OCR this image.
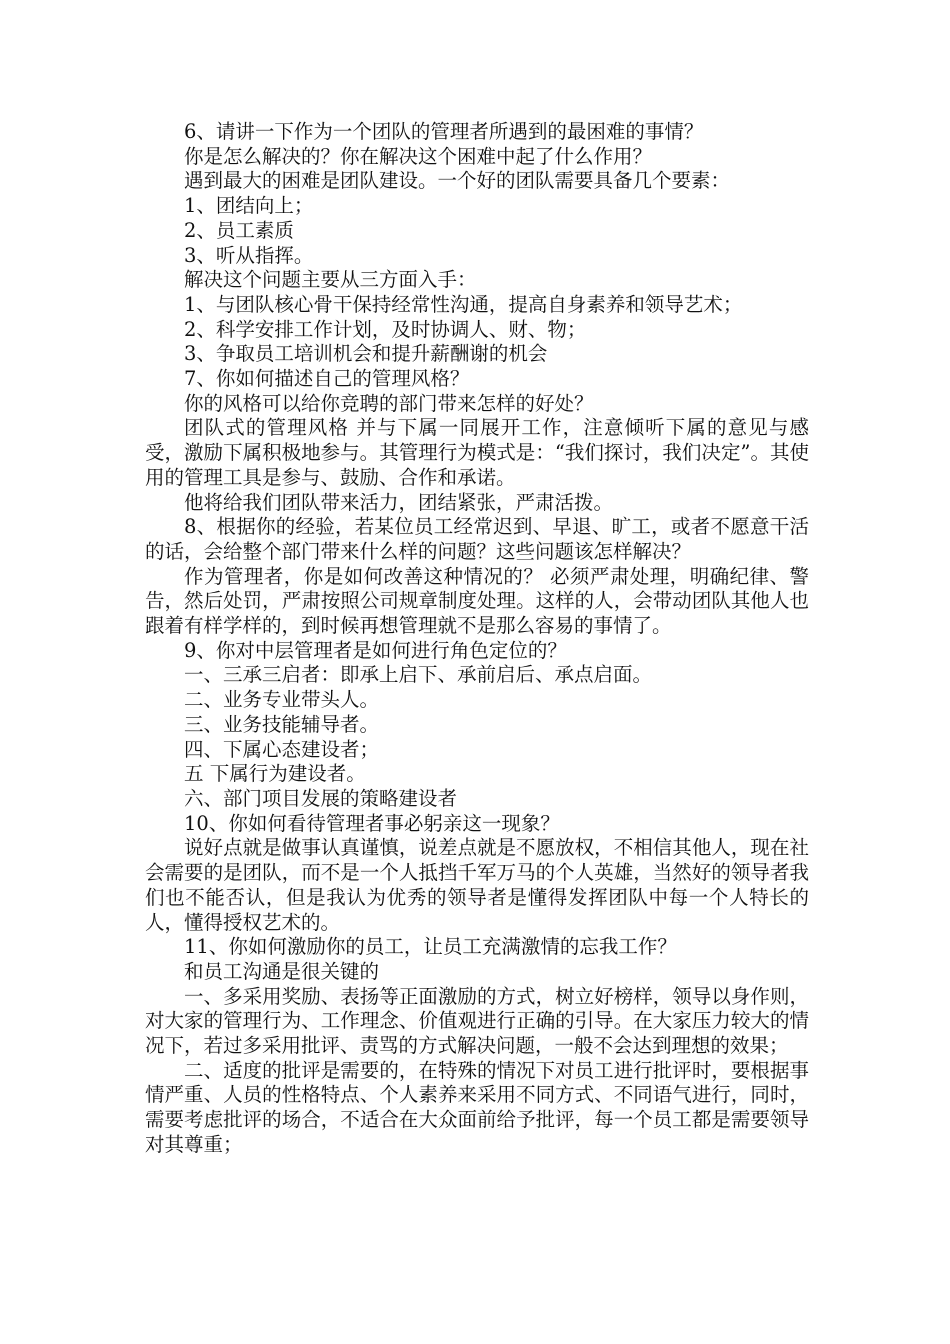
6、请讲一下作为一个团队的管理者所遇到的最困难的事情？

你是怎么解决的？你在解决这个困难中起了什么作用？

遇到最大的困难是团队建设。一个好的团队需要具备几个要素：

1、团结向上；

2、员工素质

3、听从指挥。

解决这个问题主要从三方面入手：

1、与团队核心骨干保持经常性沟通，提高自身素养和领导艺术；

2、科学安排工作计划，及时协调人、财、物；

3、争取员工培训机会和提升薪酬谢的机会

7、你如何描述自己的管理风格？

你的风格可以给你竞聘的部门带来怎样的好处？

团队式的管理风格 并与下属一同展开工作，注意倾听下属的意见与感受，激励下属积极地参与。其管理行为模式是：“我们探讨，我们决定”。其使用的管理工具是参与、鼓励、合作和承诺。

他将给我们团队带来活力，团结紧张，严肃活拨。

8、根据你的经验，若某位员工经常迟到、早退、旷工，或者不愿意干活的话，会给整个部门带来什么样的问题？这些问题该怎样解决？

作为管理者，你是如何改善这种情况的？ 必须严肃处理，明确纪律、警告，然后处罚，严肃按照公司规章制度处理。这样的人，会带动团队其他人也跟着有样学样的，到时候再想管理就不是那么容易的事情了。

9、你对中层管理者是如何进行角色定位的？

一、三承三启者：即承上启下、承前启后、承点启面。

二、业务专业带头人。

三、业务技能辅导者。

四、下属心态建设者；

五 下属行为建设者。

六、部门项目发展的策略建设者

10、你如何看待管理者事必躬亲这一现象？

说好点就是做事认真谨慎，说差点就是不愿放权，不相信其他人，现在社会需要的是团队，而不是一个人抵挡千军万马的个人英雄，当然好的领导者我们也不能否认，但是我认为优秀的领导者是懂得发挥团队中每一个人特长的人，懂得授权艺术的。

11、你如何激励你的员工，让员工充满激情的忘我工作？

和员工沟通是很关键的

一、多采用奖励、表扬等正面激励的方式，树立好榜样，领导以身作则，对大家的管理行为、工作理念、价值观进行正确的引导。在大家压力较大的情况下，若过多采用批评、责骂的方式解决问题，一般不会达到理想的效果；

二、适度的批评是需要的，在特殊的情况下对员工进行批评时，要根据事情严重、人员的性格特点、个人素养来采用不同方式、不同语气进行，同时，需要考虑批评的场合，不适合在大众面前给予批评，每一个员工都是需要领导对其尊重；
